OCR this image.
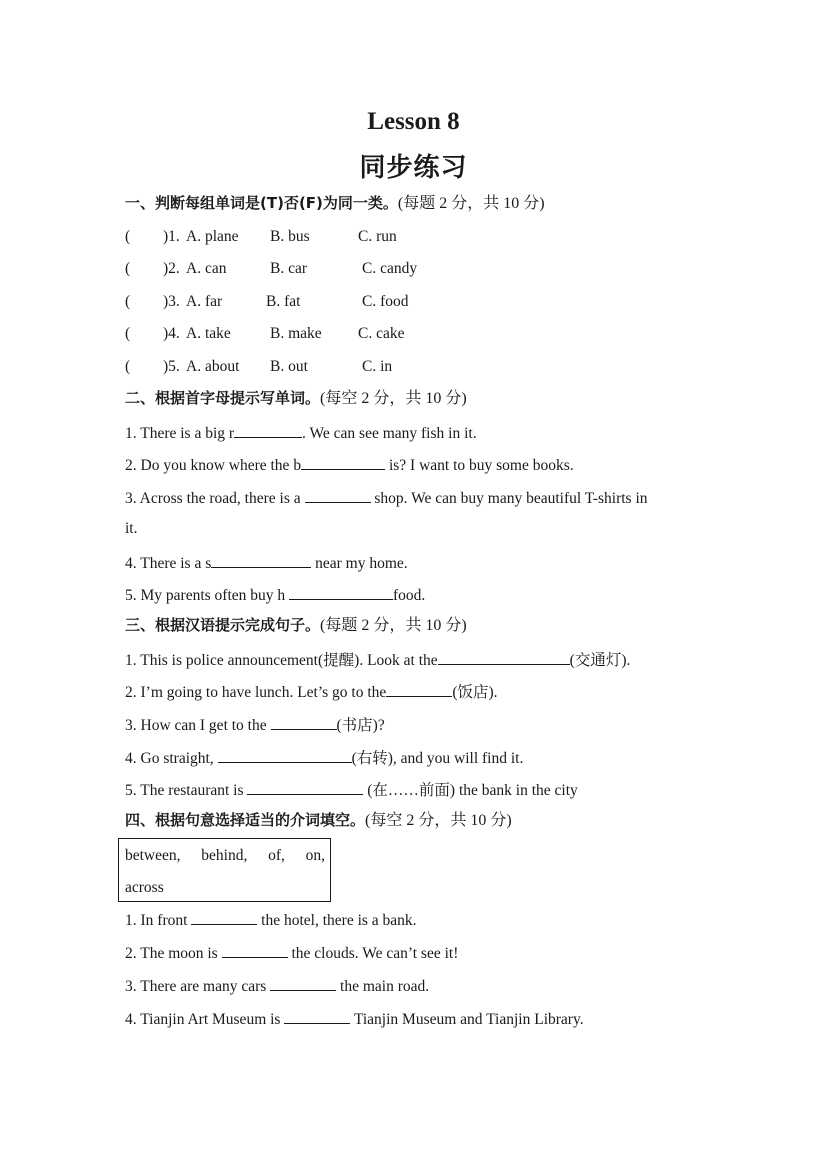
Lesson 8
同步练习
一、判断每组单词是(T)否(F)为同一类。(每题 2 分，共 10 分)
( )1. A. plane B. bus	C. run
( )2. A. can	B. car	C. candy
( )3. A. far	B. fat	C. food
( )4. A. take	B. make C. cake
( )5. A. about B. out	C. in
二、根据首字母提示写单词。(每空 2 分，共 10 分)
1. There is a big r	. We can see many fish in it.
2. Do you know where the b	is? I want to buy some books.
3. Across the road, there is a	shop. We can buy many beautiful T-shirts in
it.
4. There is a s	near my home.
5. My parents often buy h	food.
三、根据汉语提示完成句子。(每题 2 分，共 10 分)
1. This is police announcement(提醒). Look at the	(交通灯).
2. I’m going to have lunch. Let’s go to the	(饭店).
3. How can I get to the	(书店)?
4. Go straight,	(右转), and you will find it.
5. The restaurant is	(在……前面) the bank in the city
四、根据句意选择适当的介词填空。(每空 2 分，共 10 分)
between, behind, of, on,
across
1. In front	the hotel, there is a bank.
2. The moon is	the clouds. We can’t see it!
3. There are many cars	the main road.
4. Tianjin Art Museum is	Tianjin Museum and Tianjin Library.
